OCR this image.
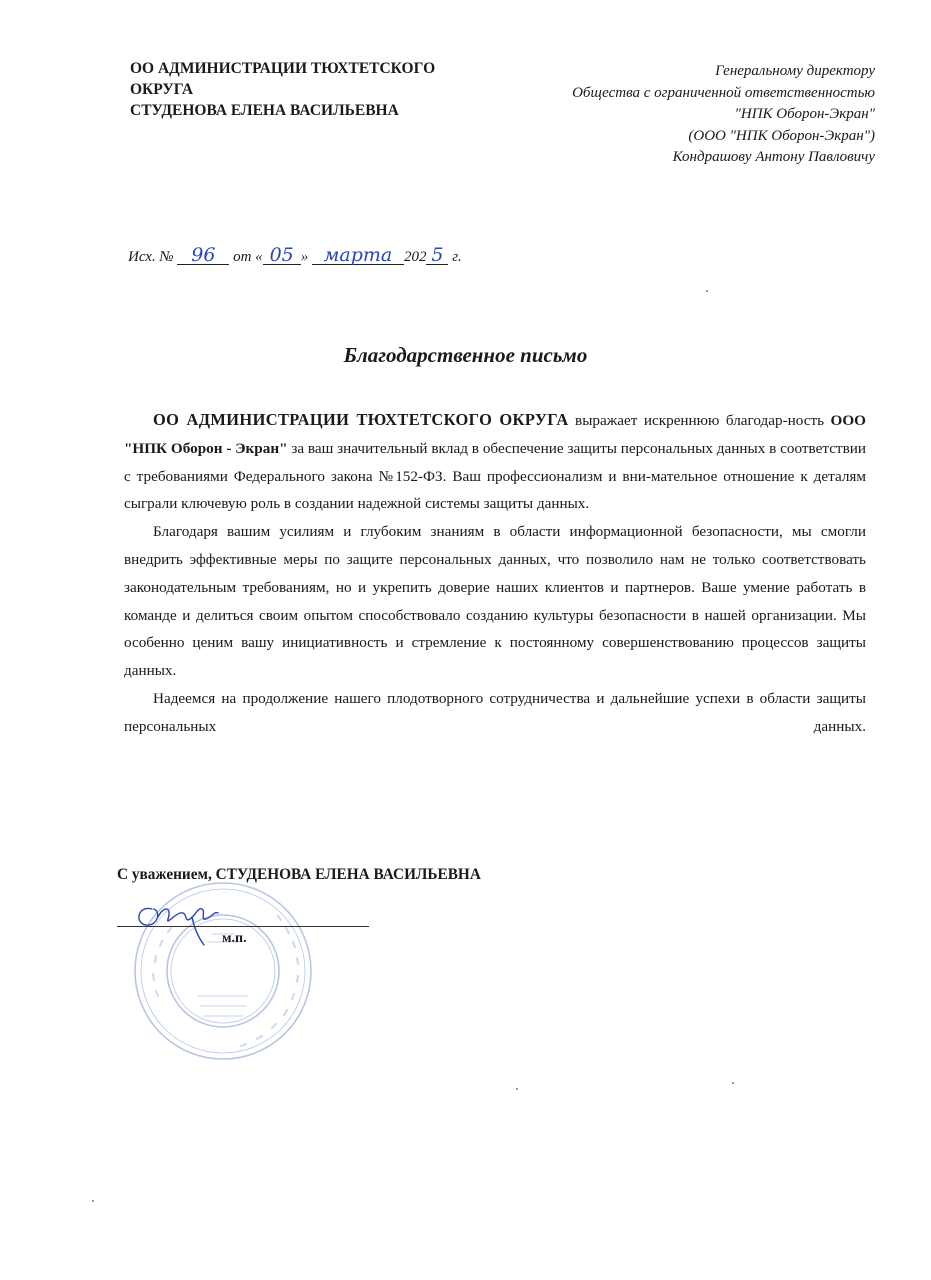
ОО АДМИНИСТРАЦИИ ТЮХТЕТСКОГО
ОКРУГА
СТУДЕНОВА ЕЛЕНА ВАСИЛЬЕВНА
Генеральному директору
Общества с ограниченной ответственностью
"НПК Оборон-Экран"
(ООО "НПК Оборон-Экран")
Кондрашову Антону Павловичу
Исх. № 96 от « 05 » марта 202 5 г.
Благодарственное письмо

ОО АДМИНИСТРАЦИИ ТЮХТЕТСКОГО ОКРУГА выражает искреннюю благодар-ность ООО "НПК Оборон - Экран" за ваш значительный вклад в обеспечение защиты персональных данных в соответствии с требованиями Федерального закона №152-ФЗ. Ваш профессионализм и вни-мательное отношение к деталям сыграли ключевую роль в создании надежной системы защиты данных.

Благодаря вашим усилиям и глубоким знаниям в области информационной безопасности, мы смогли внедрить эффективные меры по защите персональных данных, что позволило нам не только соответствовать законодательным требованиям, но и укрепить доверие наших клиентов и партнеров. Ваше умение работать в команде и делиться своим опытом способствовало созданию культуры безопасности в нашей организации. Мы особенно ценим вашу инициативность и стремление к постоянному совершенствованию процессов защиты данных.

Надеемся на продолжение нашего плодотворного сотрудничества и дальнейшие успехи в области защиты персональных данных.

С уважением, СТУДЕНОВА ЕЛЕНА ВАСИЛЬЕВНА
м.п.
